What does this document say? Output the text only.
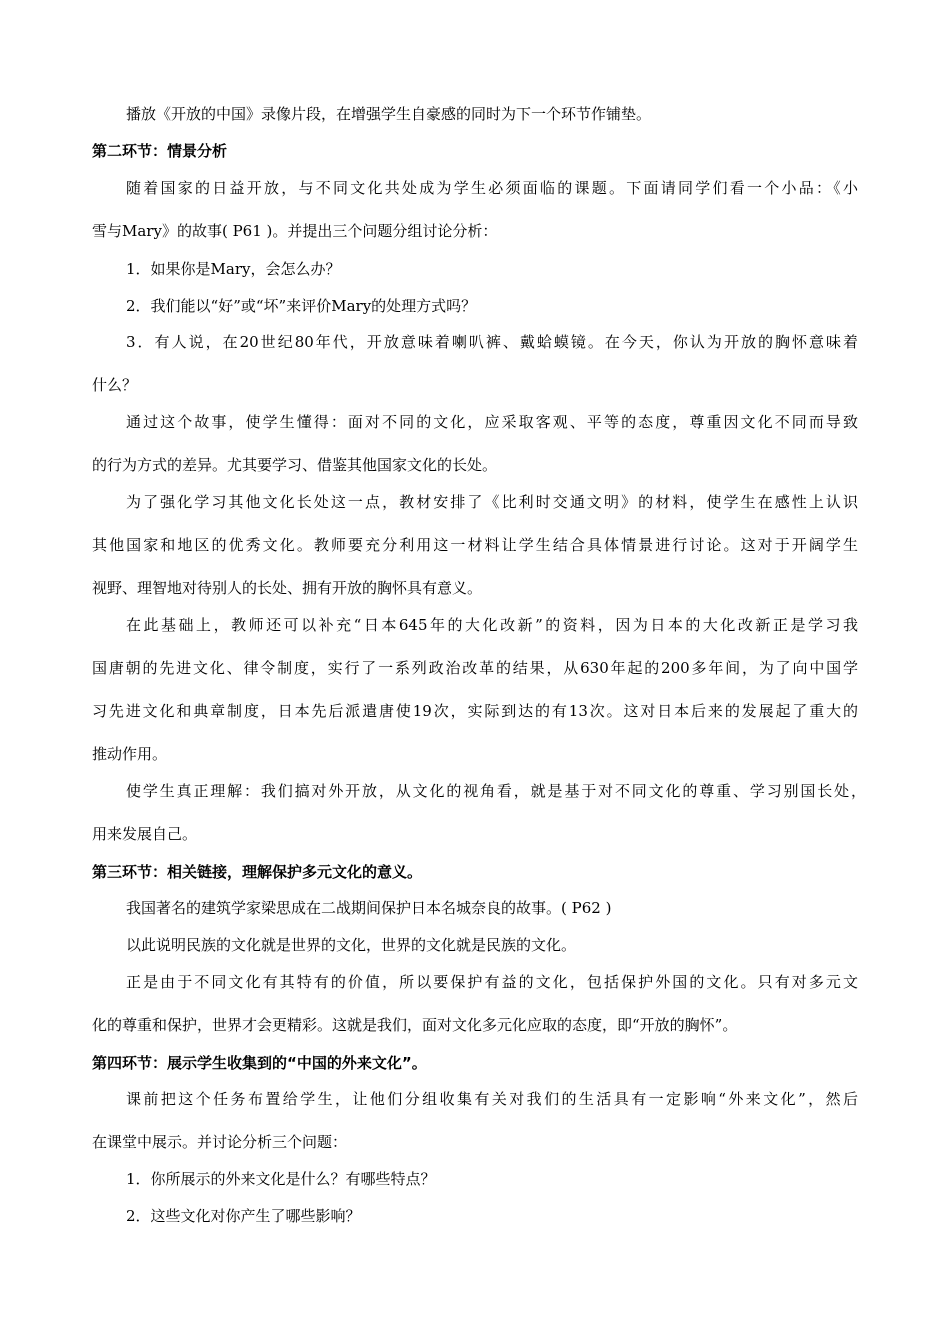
播放《开放的中国》录像片段，在增强学生自豪感的同时为下一个环节作铺垫。
第二环节：情景分析
随着国家的日益开放，与不同文化共处成为学生必须面临的课题。下面请同学们看一个小品：《小
雪与Mary》的故事( P61 )。并提出三个问题分组讨论分析：
1．如果你是Mary，会怎么办？
2．我们能以“好”或“坏”来评价Mary的处理方式吗？
3．有人说，在20世纪80年代，开放意味着喇叭裤、戴蛤蟆镜。在今天，你认为开放的胸怀意味着
什么？
通过这个故事，使学生懂得：面对不同的文化，应采取客观、平等的态度，尊重因文化不同而导致
的行为方式的差异。尤其要学习、借鉴其他国家文化的长处。
为了强化学习其他文化长处这一点，教材安排了《比利时交通文明》的材料，使学生在感性上认识
其他国家和地区的优秀文化。教师要充分利用这一材料让学生结合具体情景进行讨论。这对于开阔学生
视野、理智地对待别人的长处、拥有开放的胸怀具有意义。
在此基础上，教师还可以补充“日本645年的大化改新”的资料，因为日本的大化改新正是学习我
国唐朝的先进文化、律令制度，实行了一系列政治改革的结果，从630年起的200多年间，为了向中国学
习先进文化和典章制度，日本先后派遣唐使19次，实际到达的有13次。这对日本后来的发展起了重大的
推动作用。
使学生真正理解：我们搞对外开放，从文化的视角看，就是基于对不同文化的尊重、学习别国长处，
用来发展自己。
第三环节：相关链接，理解保护多元文化的意义。
我国著名的建筑学家梁思成在二战期间保护日本名城奈良的故事。( P62 )
以此说明民族的文化就是世界的文化，世界的文化就是民族的文化。
正是由于不同文化有其特有的价值，所以要保护有益的文化，包括保护外国的文化。只有对多元文
化的尊重和保护，世界才会更精彩。这就是我们，面对文化多元化应取的态度，即“开放的胸怀”。
第四环节：展示学生收集到的“中国的外来文化”。
课前把这个任务布置给学生，让他们分组收集有关对我们的生活具有一定影响“外来文化”，然后
在课堂中展示。并讨论分析三个问题：
1．你所展示的外来文化是什么？有哪些特点？
2．这些文化对你产生了哪些影响？
